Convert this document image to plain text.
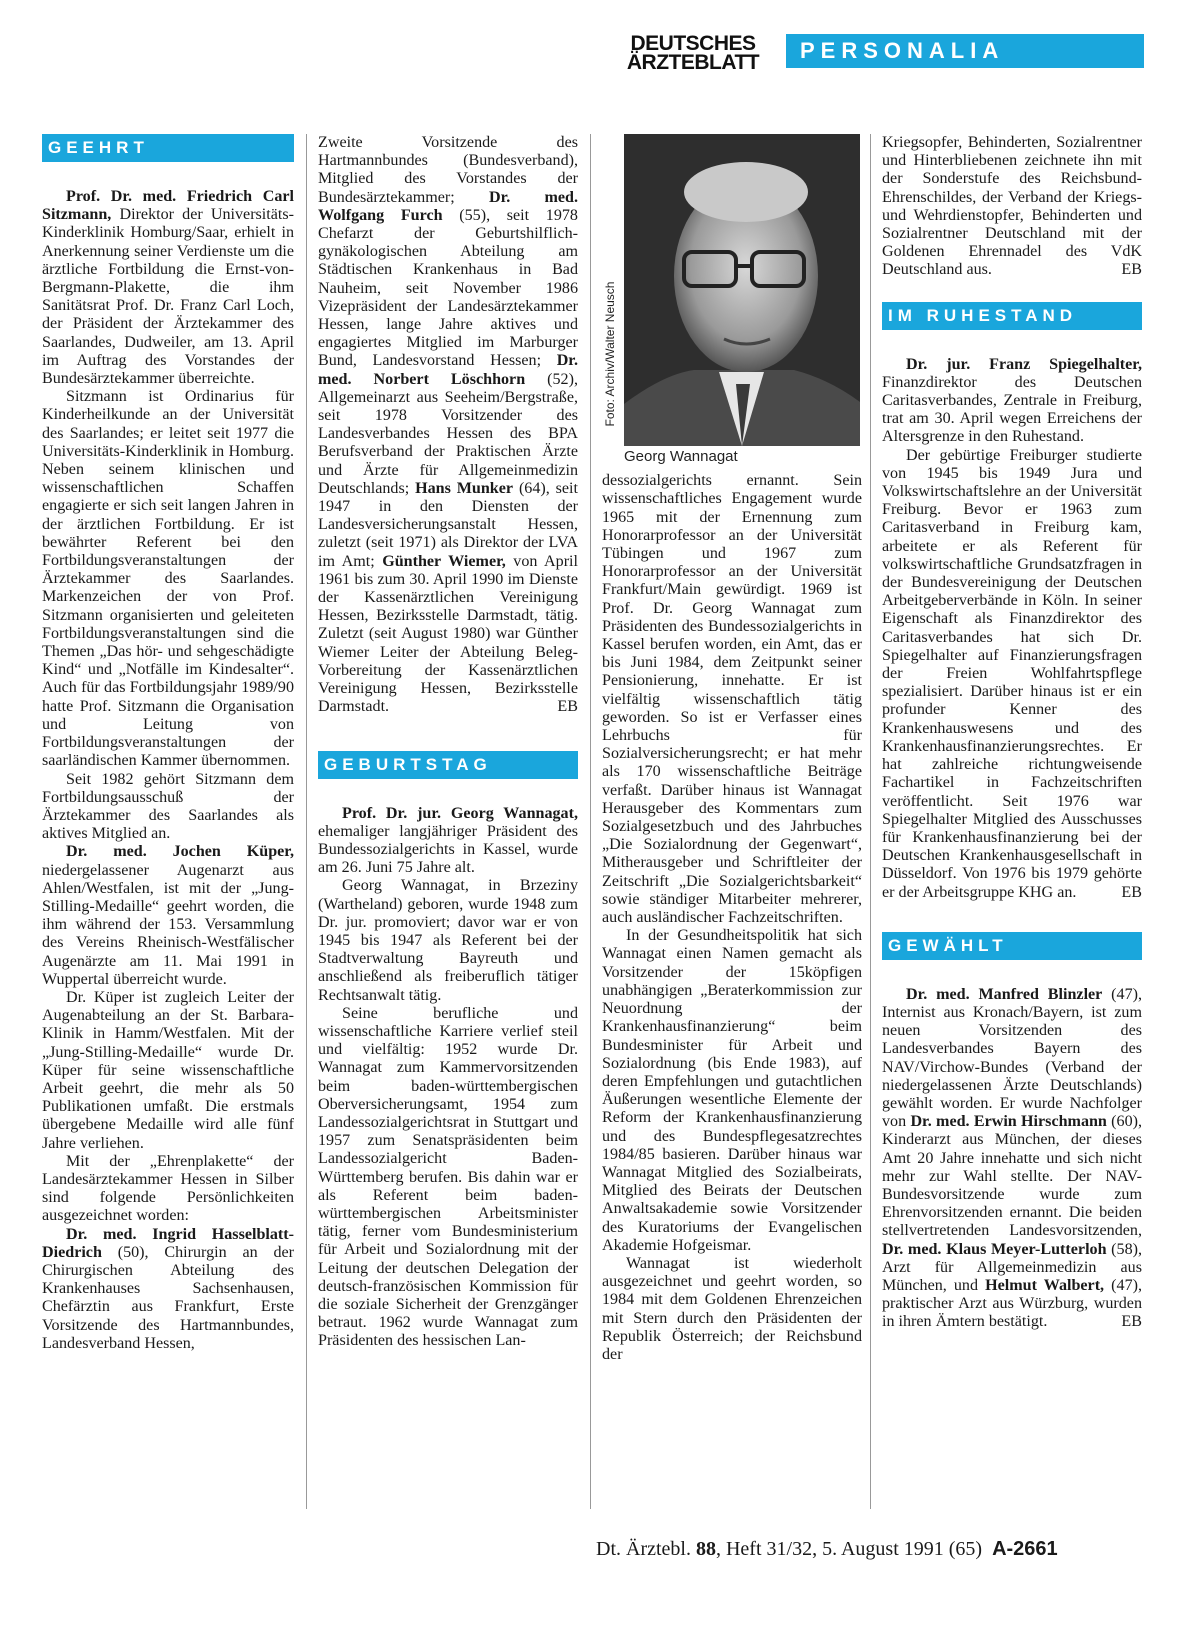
DEUTSCHES
ÄRZTEBLATT	PERSONALIA
GEEHRT

Prof. Dr. med. Friedrich Carl Sitzmann, Direktor der Universitäts-Kinderklinik Homburg/Saar, erhielt in Anerkennung seiner Verdienste um die ärztliche Fortbildung die Ernst-von-Bergmann-Plakette, die ihm Sanitätsrat Prof. Dr. Franz Carl Loch, der Präsident der Ärztekammer des Saarlandes, Dudweiler, am 13. April im Auftrag des Vorstandes der Bundesärztekammer überreichte.

Sitzmann ist Ordinarius für Kinderheilkunde an der Universität des Saarlandes; er leitet seit 1977 die Universitäts-Kinderklinik in Homburg. Neben seinem klinischen und wissenschaftlichen Schaffen engagierte er sich seit langen Jahren in der ärztlichen Fortbildung. Er ist bewährter Referent bei den Fortbildungsveranstaltungen der Ärztekammer des Saarlandes. Markenzeichen der von Prof. Sitzmann organisierten und geleiteten Fortbildungsveranstaltungen sind die Themen „Das hör- und sehgeschädigte Kind“ und „Notfälle im Kindesalter“. Auch für das Fortbildungsjahr 1989/90 hatte Prof. Sitzmann die Organisation und Leitung von Fortbildungsveranstaltungen der saarländischen Kammer übernommen.

Seit 1982 gehört Sitzmann dem Fortbildungsausschuß der Ärztekammer des Saarlandes als aktives Mitglied an.

Dr. med. Jochen Küper, niedergelassener Augenarzt aus Ahlen/Westfalen, ist mit der „Jung-Stilling-Medaille“ geehrt worden, die ihm während der 153. Versammlung des Vereins Rheinisch-Westfälischer Augenärzte am 11. Mai 1991 in Wuppertal überreicht wurde.

Dr. Küper ist zugleich Leiter der Augenabteilung an der St. Barbara-Klinik in Hamm/Westfalen. Mit der „Jung-Stilling-Medaille“ wurde Dr. Küper für seine wissenschaftliche Arbeit geehrt, die mehr als 50 Publikationen umfaßt. Die erstmals übergebene Medaille wird alle fünf Jahre verliehen.

Mit der „Ehrenplakette“ der Landesärztekammer Hessen in Silber sind folgende Persönlichkeiten ausgezeichnet worden:

Dr. med. Ingrid Hasselblatt-Diedrich (50), Chirurgin an der Chirurgischen Abteilung des Krankenhauses Sachsenhausen, Chefärztin aus Frankfurt, Erste Vorsitzende des Hartmannbundes, Landesverband Hessen,

Zweite Vorsitzende des Hartmannbundes (Bundesverband), Mitglied des Vorstandes der Bundesärztekammer; Dr. med. Wolfgang Furch (55), seit 1978 Chefarzt der Geburtshilflich-gynäkologischen Abteilung am Städtischen Krankenhaus in Bad Nauheim, seit November 1986 Vizepräsident der Landesärztekammer Hessen, lange Jahre aktives und engagiertes Mitglied im Marburger Bund, Landesvorstand Hessen; Dr. med. Norbert Löschhorn (52), Allgemeinarzt aus Seeheim/Bergstraße, seit 1978 Vorsitzender des Landesverbandes Hessen des BPA Berufsverband der Praktischen Ärzte und Ärzte für Allgemeinmedizin Deutschlands; Hans Munker (64), seit 1947 in den Diensten der Landesversicherungsanstalt Hessen, zuletzt (seit 1971) als Direktor der LVA im Amt; Günther Wiemer, von April 1961 bis zum 30. April 1990 im Dienste der Kassenärztlichen Vereinigung Hessen, Bezirksstelle Darmstadt, tätig. Zuletzt (seit August 1980) war Günther Wiemer Leiter der Abteilung Beleg-Vorbereitung der Kassenärztlichen Vereinigung Hessen, Bezirksstelle Darmstadt.	EB

GEBURTSTAG

Prof. Dr. jur. Georg Wannagat, ehemaliger langjähriger Präsident des Bundessozialgerichts in Kassel, wurde am 26. Juni 75 Jahre alt.

Georg Wannagat, in Brzeziny (Wartheland) geboren, wurde 1948 zum Dr. jur. promoviert; davor war er von 1945 bis 1947 als Referent bei der Stadtverwaltung Bayreuth und anschließend als freiberuflich tätiger Rechtsanwalt tätig.

Seine berufliche und wissenschaftliche Karriere verlief steil und vielfältig: 1952 wurde Dr. Wannagat zum Kammervorsitzenden beim baden-württembergischen Oberversicherungsamt, 1954 zum Landessozialgerichtsrat in Stuttgart und 1957 zum Senatspräsidenten beim Landessozialgericht Baden-Württemberg berufen. Bis dahin war er als Referent beim baden-württembergischen Arbeitsminister tätig, ferner vom Bundesministerium für Arbeit und Sozialordnung mit der Leitung der deutschen Delegation der deutsch-französischen Kommission für die soziale Sicherheit der Grenzgänger betraut. 1962 wurde Wannagat zum Präsidenten des hessischen Lan-

Foto: Archiv/Walter Neusch
Georg Wannagat

dessozialgerichts ernannt. Sein wissenschaftliches Engagement wurde 1965 mit der Ernennung zum Honorarprofessor an der Universität Tübingen und 1967 zum Honorarprofessor an der Universität Frankfurt/Main gewürdigt. 1969 ist Prof. Dr. Georg Wannagat zum Präsidenten des Bundessozialgerichts in Kassel berufen worden, ein Amt, das er bis Juni 1984, dem Zeitpunkt seiner Pensionierung, innehatte. Er ist vielfältig wissenschaftlich tätig geworden. So ist er Verfasser eines Lehrbuchs für Sozialversicherungsrecht; er hat mehr als 170 wissenschaftliche Beiträge verfaßt. Darüber hinaus ist Wannagat Herausgeber des Kommentars zum Sozialgesetzbuch und des Jahrbuches „Die Sozialordnung der Gegenwart“, Mitherausgeber und Schriftleiter der Zeitschrift „Die Sozialgerichtsbarkeit“ sowie ständiger Mitarbeiter mehrerer, auch ausländischer Fachzeitschriften.

In der Gesundheitspolitik hat sich Wannagat einen Namen gemacht als Vorsitzender der 15köpfigen unabhängigen „Beraterkommission zur Neuordnung der Krankenhausfinanzierung“ beim Bundesminister für Arbeit und Sozialordnung (bis Ende 1983), auf deren Empfehlungen und gutachtlichen Äußerungen wesentliche Elemente der Reform der Krankenhausfinanzierung und des Bundespflegesatzrechtes 1984/85 basieren. Darüber hinaus war Wannagat Mitglied des Sozialbeirats, Mitglied des Beirats der Deutschen Anwaltsakademie sowie Vorsitzender des Kuratoriums der Evangelischen Akademie Hofgeismar.

Wannagat ist wiederholt ausgezeichnet und geehrt worden, so 1984 mit dem Goldenen Ehrenzeichen mit Stern durch den Präsidenten der Republik Österreich; der Reichsbund der

Kriegsopfer, Behinderten, Sozialrentner und Hinterbliebenen zeichnete ihn mit der Sonderstufe des Reichsbund-Ehrenschildes, der Verband der Kriegs- und Wehrdienstopfer, Behinderten und Sozialrentner Deutschland mit der Goldenen Ehrennadel des VdK Deutschland aus.	EB

IM RUHESTAND

Dr. jur. Franz Spiegelhalter, Finanzdirektor des Deutschen Caritasverbandes, Zentrale in Freiburg, trat am 30. April wegen Erreichens der Altersgrenze in den Ruhestand.

Der gebürtige Freiburger studierte von 1945 bis 1949 Jura und Volkswirtschaftslehre an der Universität Freiburg. Bevor er 1963 zum Caritasverband in Freiburg kam, arbeitete er als Referent für volkswirtschaftliche Grundsatzfragen in der Bundesvereinigung der Deutschen Arbeitgeberverbände in Köln. In seiner Eigenschaft als Finanzdirektor des Caritasverbandes hat sich Dr. Spiegelhalter auf Finanzierungsfragen der Freien Wohlfahrtspflege spezialisiert. Darüber hinaus ist er ein profunder Kenner des Krankenhauswesens und des Krankenhausfinanzierungsrechtes. Er hat zahlreiche richtungweisende Fachartikel in Fachzeitschriften veröffentlicht. Seit 1976 war Spiegelhalter Mitglied des Ausschusses für Krankenhausfinanzierung bei der Deutschen Krankenhausgesellschaft in Düsseldorf. Von 1976 bis 1979 gehörte er der Arbeitsgruppe KHG an.	EB

GEWÄHLT

Dr. med. Manfred Blinzler (47), Internist aus Kronach/Bayern, ist zum neuen Vorsitzenden des Landesverbandes Bayern des NAV/Virchow-Bundes (Verband der niedergelassenen Ärzte Deutschlands) gewählt worden. Er wurde Nachfolger von Dr. med. Erwin Hirschmann (60), Kinderarzt aus München, der dieses Amt 20 Jahre innehatte und sich nicht mehr zur Wahl stellte. Der NAV-Bundesvorsitzende wurde zum Ehrenvorsitzenden ernannt. Die beiden stellvertretenden Landesvorsitzenden, Dr. med. Klaus Meyer-Lutterloh (58), Arzt für Allgemeinmedizin aus München, und Helmut Walbert, (47), praktischer Arzt aus Würzburg, wurden in ihren Ämtern bestätigt.	EB

Dt. Ärztebl. 88, Heft 31/32, 5. August 1991 (65) A-2661
